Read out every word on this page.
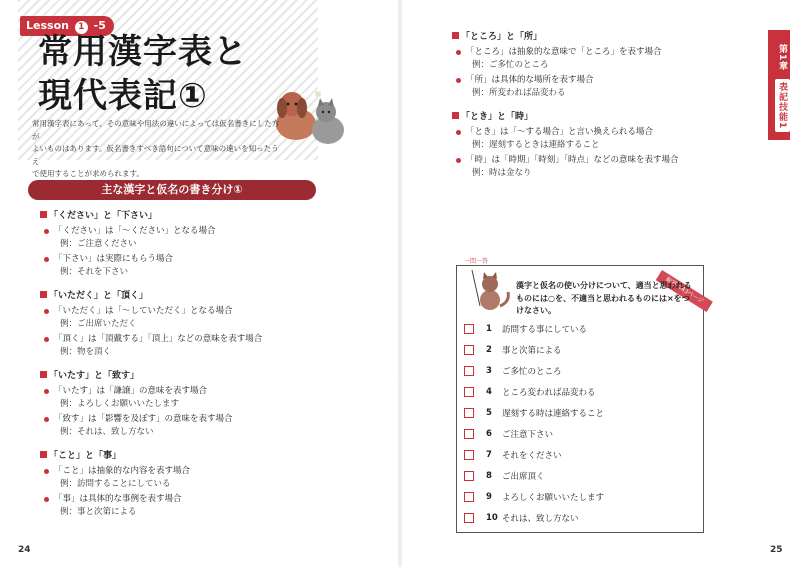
Lesson 1 -5
常用漢字表と
現代表記①
常用漢字表にあって、その意味や用法の違いによっては仮名書きにした方が
よいものはあります。仮名書きすべき語句について意味の違いを知ったうえ
で使用することが求められます。
主な漢字と仮名の書き分け①
「ください」と「下さい」
「ください」は「〜ください」となる場合
例：ご注意ください
「下さい」は実際にもらう場合
例：それを下さい
「いただく」と「頂く」
「いただく」は「〜していただく」となる場合
例：ご出席いただく
「頂く」は「頂戴する」「頂上」などの意味を表す場合
例：物を頂く
「いたす」と「致す」
「いたす」は「謙譲」の意味を表す場合
例：よろしくお願いいたします
「致す」は「影響を及ぼす」の意味を表す場合
例：それは、致し方ない
「こと」と「事」
「こと」は抽象的な内容を表す場合
例：訪問することにしている
「事」は具体的な事例を表す場合
例：事と次第による
24
「ところ」と「所」
「ところ」は抽象的な意味で「ところ」を表す場合
例：ご多忙のところ
「所」は具体的な場所を表す場合
例：所変われば品変わる
「とき」と「時」
「とき」は「〜する場合」と言い換えられる場合
例：遅刻するときは連絡すること
「時」は「時期」「時刻」「時点」などの意味を表す場合
例：時は金なり
第1章 表記技能1
一問一答
解答は43ページ
漢字と仮名の使い分けについて、適当と思われるものには○を、不適当と思われるものには×をつけなさい。
1	訪問する事にしている
2	事と次第による
3	ご多忙のところ
4	ところ変われば品変わる
5	遅刻する時は連絡すること
6	ご注意下さい
7	それをください
8	ご出席頂く
9	よろしくお願いいたします
10 それは、致し方ない
25
